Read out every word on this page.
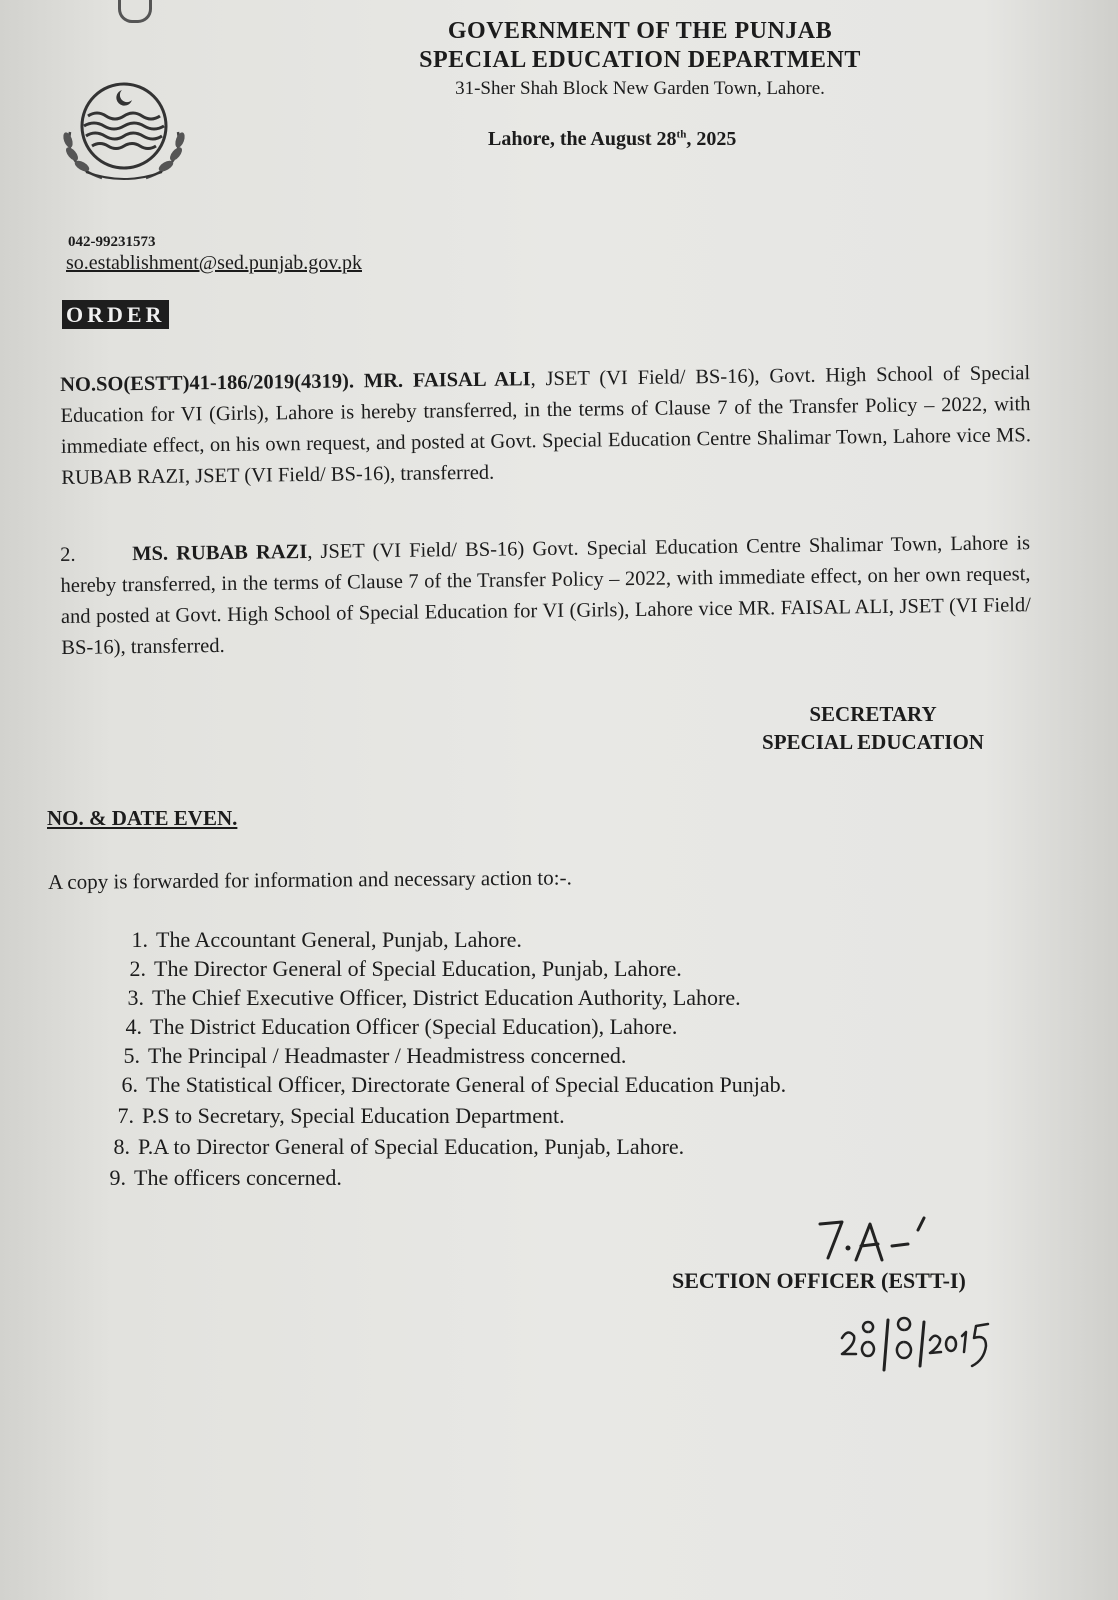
GOVERNMENT OF THE PUNJAB
SPECIAL EDUCATION DEPARTMENT
31-Sher Shah Block New Garden Town, Lahore.
Lahore, the August 28th, 2025
042-99231573
so.establishment@sed.punjab.gov.pk
ORDER
NO.SO(ESTT)41-186/2019(4319). MR. FAISAL ALI, JSET (VI Field/ BS-16), Govt. High School of Special Education for VI (Girls), Lahore is hereby transferred, in the terms of Clause 7 of the Transfer Policy – 2022, with immediate effect, on his own request, and posted at Govt. Special Education Centre Shalimar Town, Lahore vice MS. RUBAB RAZI, JSET (VI Field/ BS-16), transferred.
2.	MS. RUBAB RAZI, JSET (VI Field/ BS-16) Govt. Special Education Centre Shalimar Town, Lahore is hereby transferred, in the terms of Clause 7 of the Transfer Policy – 2022, with immediate effect, on her own request, and posted at Govt. High School of Special Education for VI (Girls), Lahore vice MR. FAISAL ALI, JSET (VI Field/ BS-16), transferred.
SECRETARY
SPECIAL EDUCATION
NO. & DATE EVEN.
A copy is forwarded for information and necessary action to:-.
1. The Accountant General, Punjab, Lahore.
2. The Director General of Special Education, Punjab, Lahore.
3. The Chief Executive Officer, District Education Authority, Lahore.
4. The District Education Officer (Special Education), Lahore.
5. The Principal / Headmaster / Headmistress concerned.
6. The Statistical Officer, Directorate General of Special Education Punjab.
7. P.S to Secretary, Special Education Department.
8. P.A to Director General of Special Education, Punjab, Lahore.
9. The officers concerned.
SECTION OFFICER (ESTT-I)
